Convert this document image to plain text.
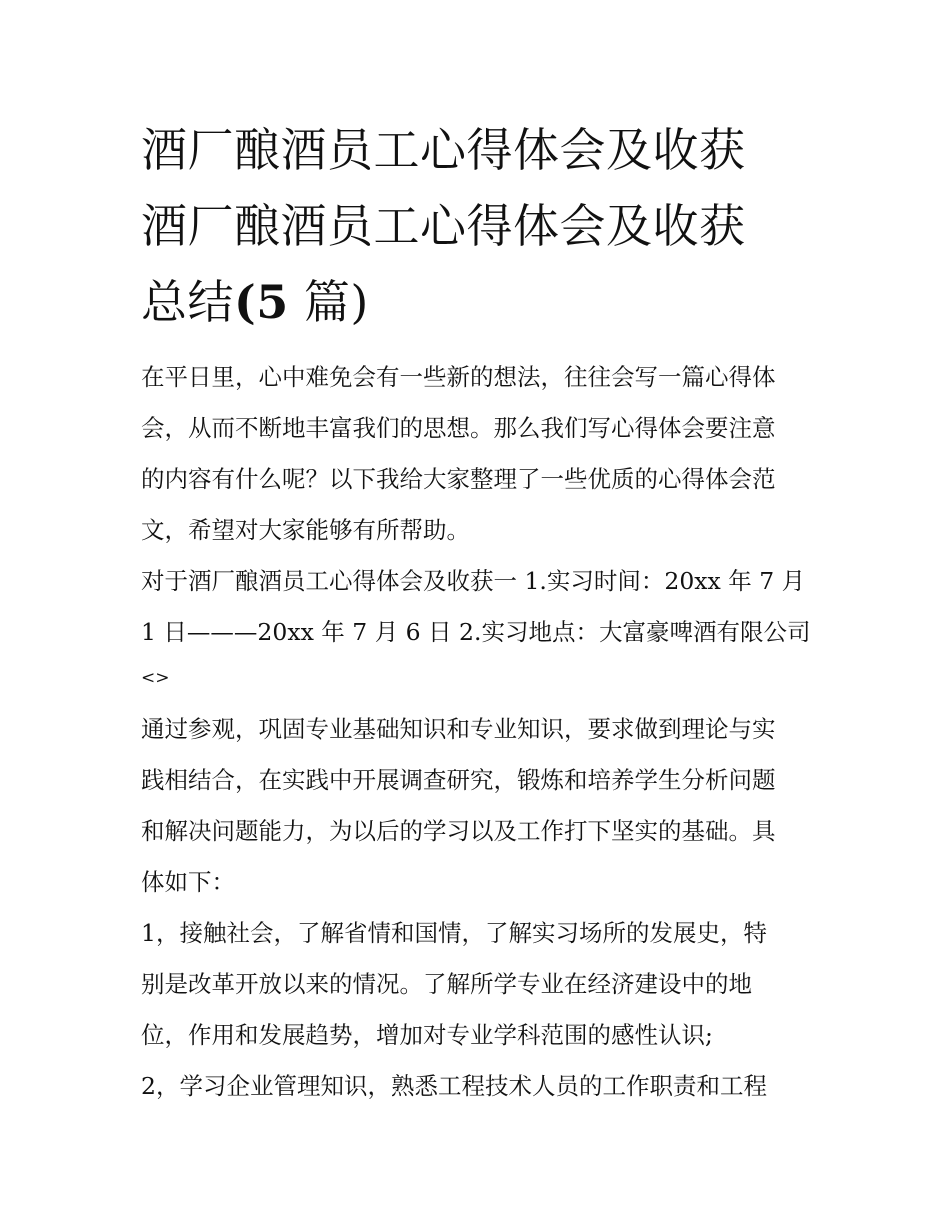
酒厂酿酒员工心得体会及收获
酒厂酿酒员工心得体会及收获
总结(5 篇)

在平日里，心中难免会有一些新的想法，往往会写一篇心得体
会，从而不断地丰富我们的思想。那么我们写心得体会要注意
的内容有什么呢？以下我给大家整理了一些优质的心得体会范
文，希望对大家能够有所帮助。

对于酒厂酿酒员工心得体会及收获一 1.实习时间：20xx 年 7 月
1 日———20xx 年 7 月 6 日 2.实习地点：大富豪啤酒有限公司

<>

通过参观，巩固专业基础知识和专业知识，要求做到理论与实
践相结合，在实践中开展调查研究，锻炼和培养学生分析问题
和解决问题能力，为以后的学习以及工作打下坚实的基础。具
体如下：

1，接触社会，了解省情和国情，了解实习场所的发展史，特
别是改革开放以来的情况。了解所学专业在经济建设中的地
位，作用和发展趋势，增加对专业学科范围的感性认识;

2，学习企业管理知识，熟悉工程技术人员的工作职责和工程
